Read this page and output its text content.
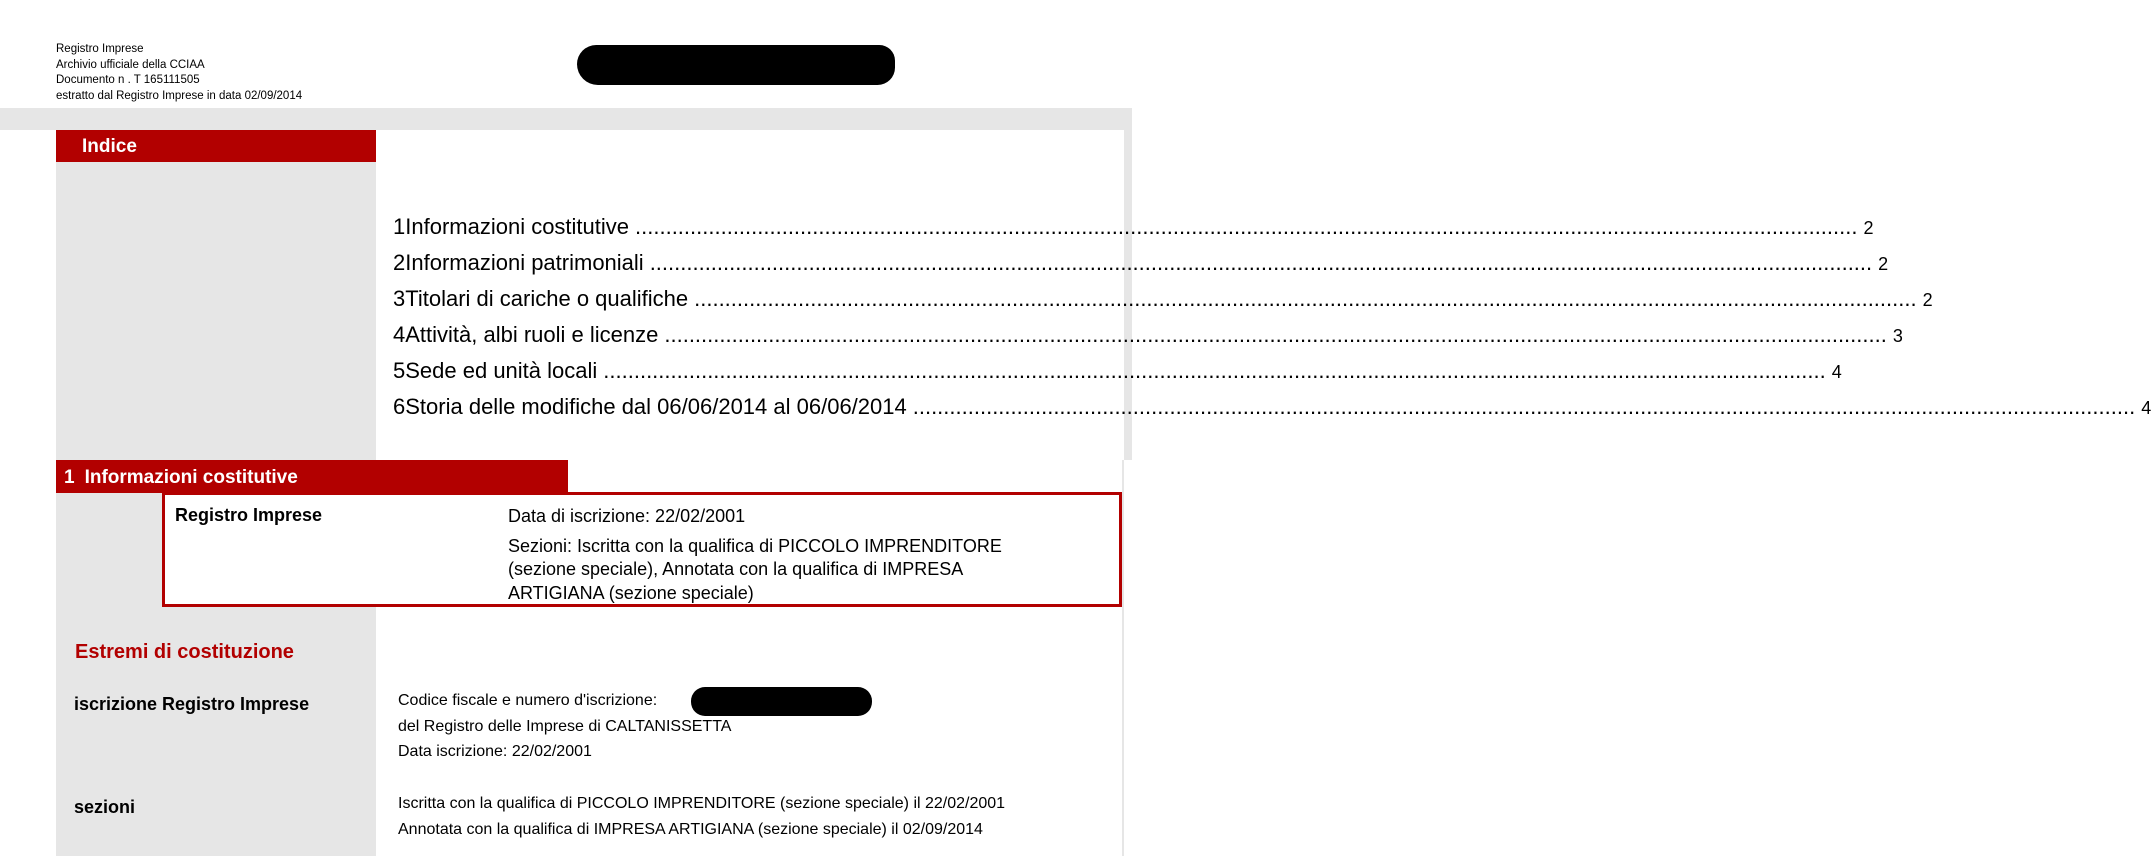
Registro Imprese
Archivio ufficiale della CCIAA
Documento n . T 165111505
estratto dal Registro Imprese in data 02/09/2014
Indice
1 Informazioni costitutive ........................................................................................................................................................................................................ 2
2 Informazioni patrimoniali ........................................................................................................................................................................................................ 2
3 Titolari di cariche o qualifiche ........................................................................................................................................................................................................ 2
4 Attività, albi ruoli e licenze ........................................................................................................................................................................................................ 3
5 Sede ed unità locali ........................................................................................................................................................................................................ 4
6 Storia delle modifiche dal 06/06/2014 al 06/06/2014 ........................................................................................................................................................................................................ 4
1 Informazioni costitutive
Registro Imprese	Data di iscrizione: 22/02/2001
Sezioni: Iscritta con la qualifica di PICCOLO IMPRENDITORE
(sezione speciale), Annotata con la qualifica di IMPRESA
ARTIGIANA (sezione speciale)
Estremi di costituzione
iscrizione Registro Imprese	Codice fiscale e numero d'iscrizione:
del Registro delle Imprese di CALTANISSETTA
Data iscrizione: 22/02/2001
sezioni	Iscritta con la qualifica di PICCOLO IMPRENDITORE (sezione speciale) il 22/02/2001
Annotata con la qualifica di IMPRESA ARTIGIANA (sezione speciale) il 02/09/2014
